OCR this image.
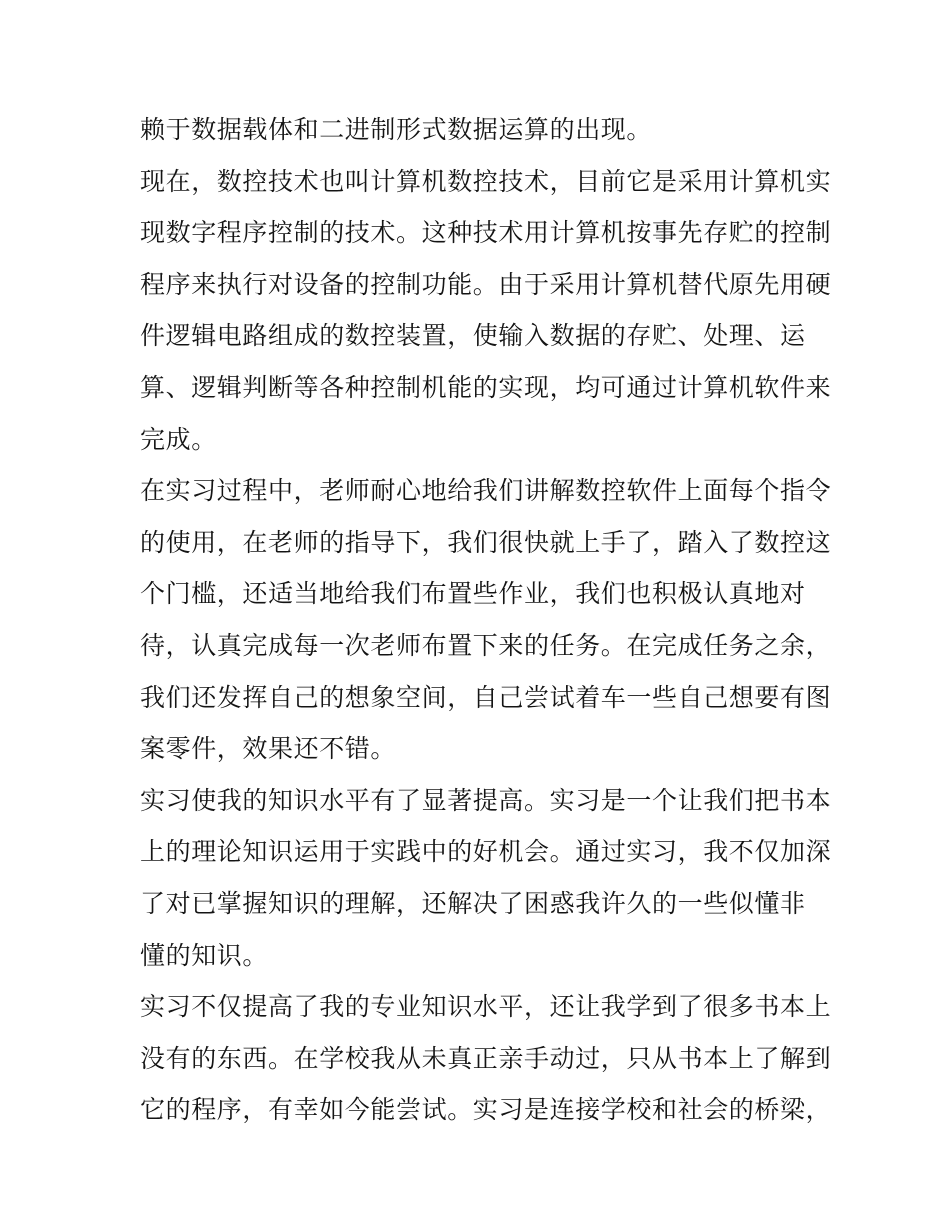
赖于数据载体和二进制形式数据运算的出现。
现在，数控技术也叫计算机数控技术，目前它是采用计算机实
现数字程序控制的技术。这种技术用计算机按事先存贮的控制
程序来执行对设备的控制功能。由于采用计算机替代原先用硬
件逻辑电路组成的数控装置，使输入数据的存贮、处理、运
算、逻辑判断等各种控制机能的实现，均可通过计算机软件来
完成。
在实习过程中，老师耐心地给我们讲解数控软件上面每个指令
的使用，在老师的指导下，我们很快就上手了，踏入了数控这
个门槛，还适当地给我们布置些作业，我们也积极认真地对
待，认真完成每一次老师布置下来的任务。在完成任务之余，
我们还发挥自己的想象空间，自己尝试着车一些自己想要有图
案零件，效果还不错。
实习使我的知识水平有了显著提高。实习是一个让我们把书本
上的理论知识运用于实践中的好机会。通过实习，我不仅加深
了对已掌握知识的理解，还解决了困惑我许久的一些似懂非
懂的知识。
实习不仅提高了我的专业知识水平，还让我学到了很多书本上
没有的东西。在学校我从未真正亲手动过，只从书本上了解到
它的程序，有幸如今能尝试。实习是连接学校和社会的桥梁，
